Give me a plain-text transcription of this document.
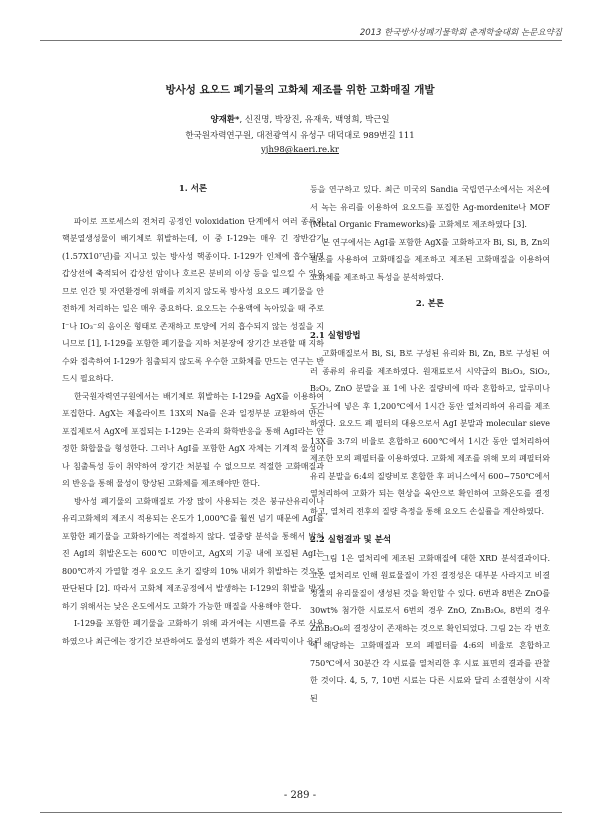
2013 한국방사성폐기물학회 춘계학술대회 논문요약집
방사성 요오드 폐기물의 고화체 제조를 위한 고화매질 개발
양재환*, 신진명, 박장진, 유재욱, 백영희, 박근일
한국원자력연구원, 대전광역시 유성구 대덕대로 989번길 111
yjh98@kaeri.re.kr
1. 서론

파이로 프로세스의 전처리 공정인 voloxidation 단계에서 여러 종류의 핵분열생성물이 배기체로 휘발하는데, 이 중 I-129는 매우 긴 장반감기 (1.57X10⁷년)를 지니고 있는 방사성 핵종이다. I-129가 인체에 흡수되면 갑상선에 축적되어 갑상선 암이나 호르몬 분비의 이상 등을 일으킬 수 있으므로 인간 및 자연환경에 위해를 끼치지 않도록 방사성 요오드 폐기물을 안전하게 처리하는 일은 매우 중요하다. 요오드는 수용액에 녹아있을 때 주로 I⁻나 IO₃⁻의 음이온 형태로 존재하고 토양에 거의 흡수되지 않는 성질을 지니므로 [1], I-129를 포함한 폐기물을 지하 처분장에 장기간 보관할 때 지하수와 접촉하여 I-129가 침출되지 않도록 우수한 고화체를 만드는 연구는 반드시 필요하다.

한국원자력연구원에서는 배기체로 휘발하는 I-129를 AgX를 이용하여 포집한다. AgX는 제올라이트 13X의 Na를 은과 일정부분 교환하여 만든 포집제로서 AgX에 포집되는 I-129는 은과의 화학반응을 통해 AgI라는 안정한 화합물을 형성한다. 그러나 AgI를 포함한 AgX 자체는 기계적 물성이나 침출특성 등이 취약하여 장기간 처분될 수 없으므로 적절한 고화매질과의 반응을 통해 물성이 향상된 고화체를 제조해야만 한다.

방사성 폐기물의 고화매질로 가장 많이 사용되는 것은 붕규산유리이나 유리고화체의 제조시 적용되는 온도가 1,000℃를 훨씬 넘기 때문에 AgI를 포함한 폐기물을 고화하기에는 적절하지 않다. 열중량 분석을 통해서 밝혀진 AgI의 휘발온도는 600℃ 미만이고, AgX의 기공 내에 포집된 AgI는 800℃까지 가열할 경우 요오드 초기 질량의 10% 내외가 휘발하는 것으로 판단된다 [2]. 따라서 고화체 제조공정에서 발생하는 I-129의 휘발을 방지하기 위해서는 낮은 온도에서도 고화가 가능한 매질을 사용해야 한다.

I-129를 포함한 폐기물을 고화하기 위해 과거에는 시멘트를 주로 사용하였으나 최근에는 장기간 보관하여도 물성의 변화가 적은 세라믹이나 유리

등을 연구하고 있다. 최근 미국의 Sandia 국립연구소에서는 저온에서 녹는 유리를 이용하여 요오드를 포집한 Ag-mordenite나 MOF (Metal Organic Frameworks)를 고화체로 제조하였다 [3].

본 연구에서는 AgI를 포함한 AgX를 고화하고자 Bi, Si, B, Zn의 원소를 사용하여 고화매질을 제조하고 제조된 고화매질을 이용하여 고화체를 제조하고 특성을 분석하였다.

2. 본론
2.1 실험방법

고화매질로서 Bi, Si, B로 구성된 유리와 Bi, Zn, B로 구성된 여러 종류의 유리를 제조하였다. 원재료로서 시약급의 Bi₂O₃, SiO₂, B₂O₃, ZnO 분말을 표 1에 나온 질량비에 따라 혼합하고, 알루미나 도가니에 넣은 후 1,200℃에서 1시간 동안 열처리하여 유리를 제조하였다. 요오드 폐 필터의 대용으로서 AgI 분말과 molecular sieve 13X를 3:7의 비율로 혼합하고 600℃에서 1시간 동안 열처리하여 제조한 모의 폐필터를 이용하였다. 고화체 제조를 위해 모의 폐필터와 유리 분말을 6:4의 질량비로 혼합한 후 퍼니스에서 600~750℃에서 열처리하여 고화가 되는 현상을 육안으로 확인하여 고화온도를 결정하고, 열처리 전후의 질량 측정을 통해 요오드 손실률을 계산하였다.

2.2 실험결과 및 분석

그림 1은 열처리에 제조된 고화매질에 대한 XRD 분석결과이다. 고온 열처리로 인해 원료물질이 가진 결정성은 대부분 사라지고 비결정질의 유리물질이 생성된 것을 확인할 수 있다. 6번과 8번은 ZnO를 30wt% 첨가한 시료로서 6번의 경우 ZnO, Zn₃B₂O₆, 8번의 경우 Zn₃B₂O₆의 결정상이 존재하는 것으로 확인되었다. 그림 2는 각 번호에 해당하는 고화매질과 모의 폐필터를 4:6의 비율로 혼합하고 750℃에서 30분간 각 시료를 열처리한 후 시료 표면의 결과를 관찰한 것이다. 4, 5, 7, 10번 시료는 다른 시료와 달리 소결현상이 시작된

- 289 -
